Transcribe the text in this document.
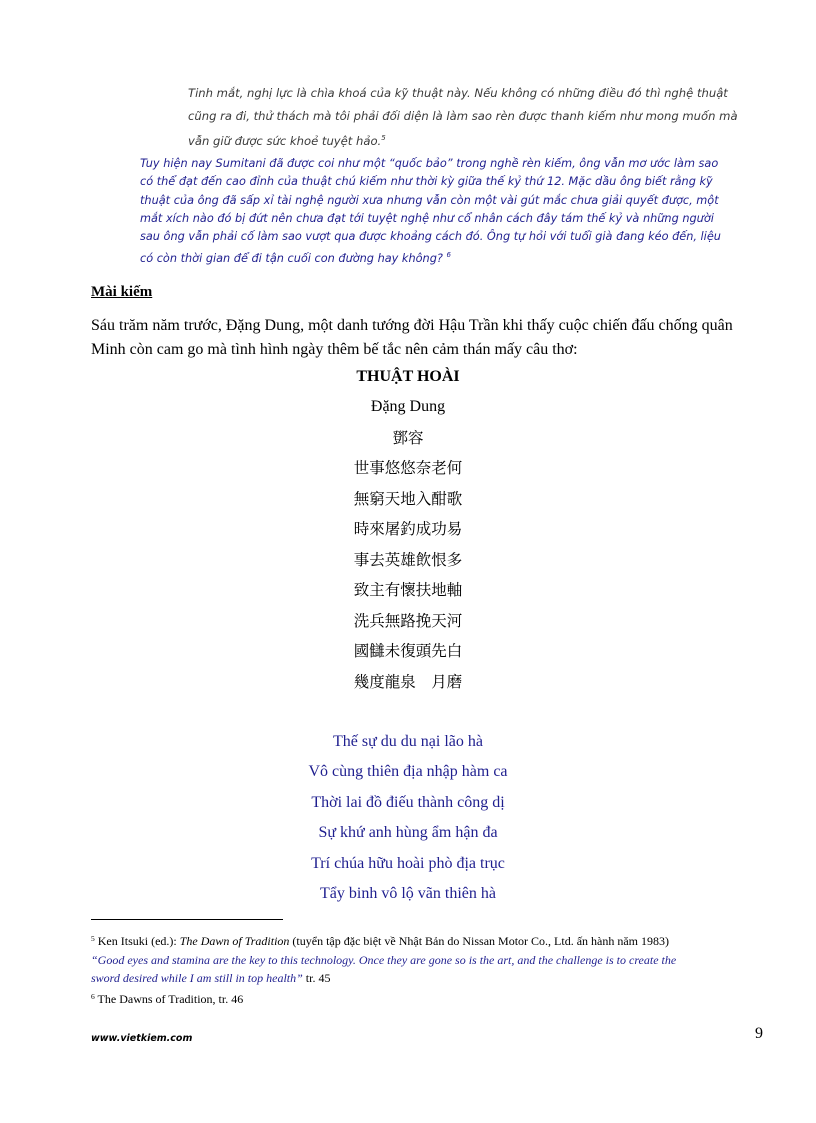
Tinh mắt, nghị lực là chìa khoá của kỹ thuật này. Nếu không có những điều đó thì nghệ thuật
cũng ra đi, thử thách mà tôi phải đối diện là làm sao rèn được thanh kiếm như mong muốn mà
vẫn giữ được sức khoẻ tuyệt hảo.$^5$
Tuy hiện nay Sumitani đã được coi như một “quốc bảo” trong nghề rèn kiếm, ông vẫn mơ ước làm sao
có thể đạt đến cao đỉnh của thuật chú kiếm như thời kỳ giữa thế kỷ thứ 12. Mặc dầu ông biết rằng kỹ
thuật của ông đã sấp xỉ tài nghệ người xưa nhưng vẫn còn một vài gút mắc chưa giải quyết được, một
mắt xích nào đó bị đứt nên chưa đạt tới tuyệt nghệ như cổ nhân cách đây tám thế kỷ và những người
sau ông vẫn phải cố làm sao vượt qua được khoảng cách đó. Ông tự hỏi với tuổi già đang kéo đến, liệu
có còn thời gian để đi tận cuối con đường hay không? $^6$
Mài kiếm
Sáu trăm năm trước, Đặng Dung, một danh tướng đời Hậu Trần khi thấy cuộc chiến đấu chống quân
Minh còn cam go mà tình hình ngày thêm bế tắc nên cảm thán mấy câu thơ:
THUẬT HOÀI
Đặng Dung
鄧容
世事悠悠奈老何
無窮天地入酣歌
時來屠釣成功易
事去英雄飲恨多
致主有懷扶地軸
洗兵無路挽天河
國讎未復頭先白
幾度龍泉　月磨
Thế sự du du nại lão hà
Vô cùng thiên địa nhập hàm ca
Thời lai đồ điếu thành công dị
Sự khứ anh hùng ẩm hận đa
Trí chúa hữu hoài phò địa trục
Tẩy binh vô lộ vãn thiên hà
$^5$ Ken Itsuki (ed.): The Dawn of Tradition (tuyển tập đặc biệt về Nhật Bản do Nissan Motor Co., Ltd. ấn hành năm 1983)
“Good eyes and stamina are the key to this technology. Once they are gone so is the art, and the challenge is to create the
sword desired while I am still in top health” tr. 45
$^6$ The Dawns of Tradition, tr. 46
www.vietkiem.com	9
